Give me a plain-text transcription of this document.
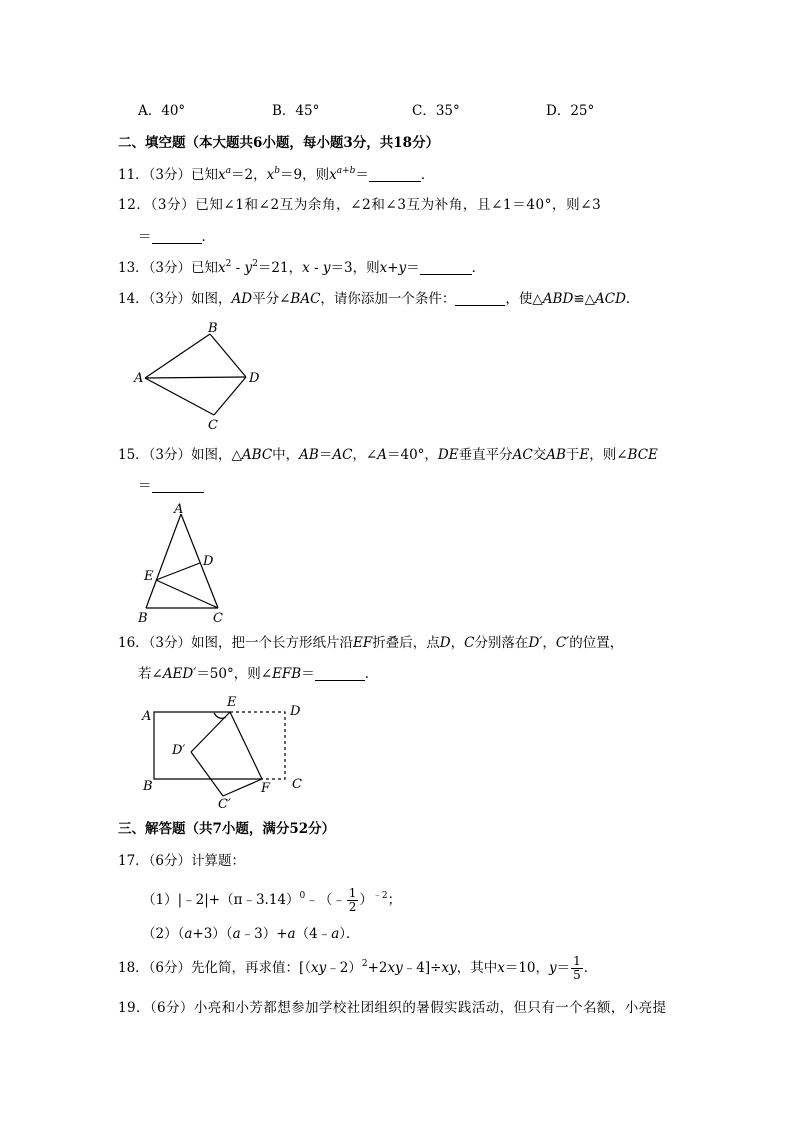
A．40°	B．45°	C．35°	D．25°
二、填空题（本大题共6小题，每小题3分，共18分）
11．（3分）已知$x^a=2$，$x^b=9$，则$x^{a+b}=$	．
12．（3分）已知∠1和∠2互为余角，∠2和∠3互为补角，且∠1＝40°，则∠3
＝	．
13．（3分）已知$x^2 - y^2=21$，x - y＝3，则x+y＝	．
14．（3分）如图，AD平分∠BAC，请你添加一个条件：	，使△ABD≌△ACD．
B
A	D
C
15．（3分）如图，△ABC中，AB＝AC，∠A＝40°，DE垂直平分AC交AB于E，则∠BCE
＝
A
D
E
B	C
16．（3分）如图，把一个长方形纸片沿EF折叠后，点D，C分别落在D′，C′的位置，
若∠AED′＝50°，则∠EFB＝	．
A
E
D
D′
B	C
F
C′
三、解答题（共7小题，满分52分）
17．（6分）计算题：
（1）|﹣2|+（π﹣3.14）$^0$﹣（﹣ $\frac{1}{2} )^{﹣2}$；
（2）（a+3）（a﹣3）+a（4﹣a）．
18．（6分）先化简，再求值：[（xy﹣2）$^2$+2xy﹣4]÷xy，其中x＝10，$y= \frac{1}{5}$ ．
19．（6分）小亮和小芳都想参加学校社团组织的暑假实践活动，但只有一个名额，小亮提
